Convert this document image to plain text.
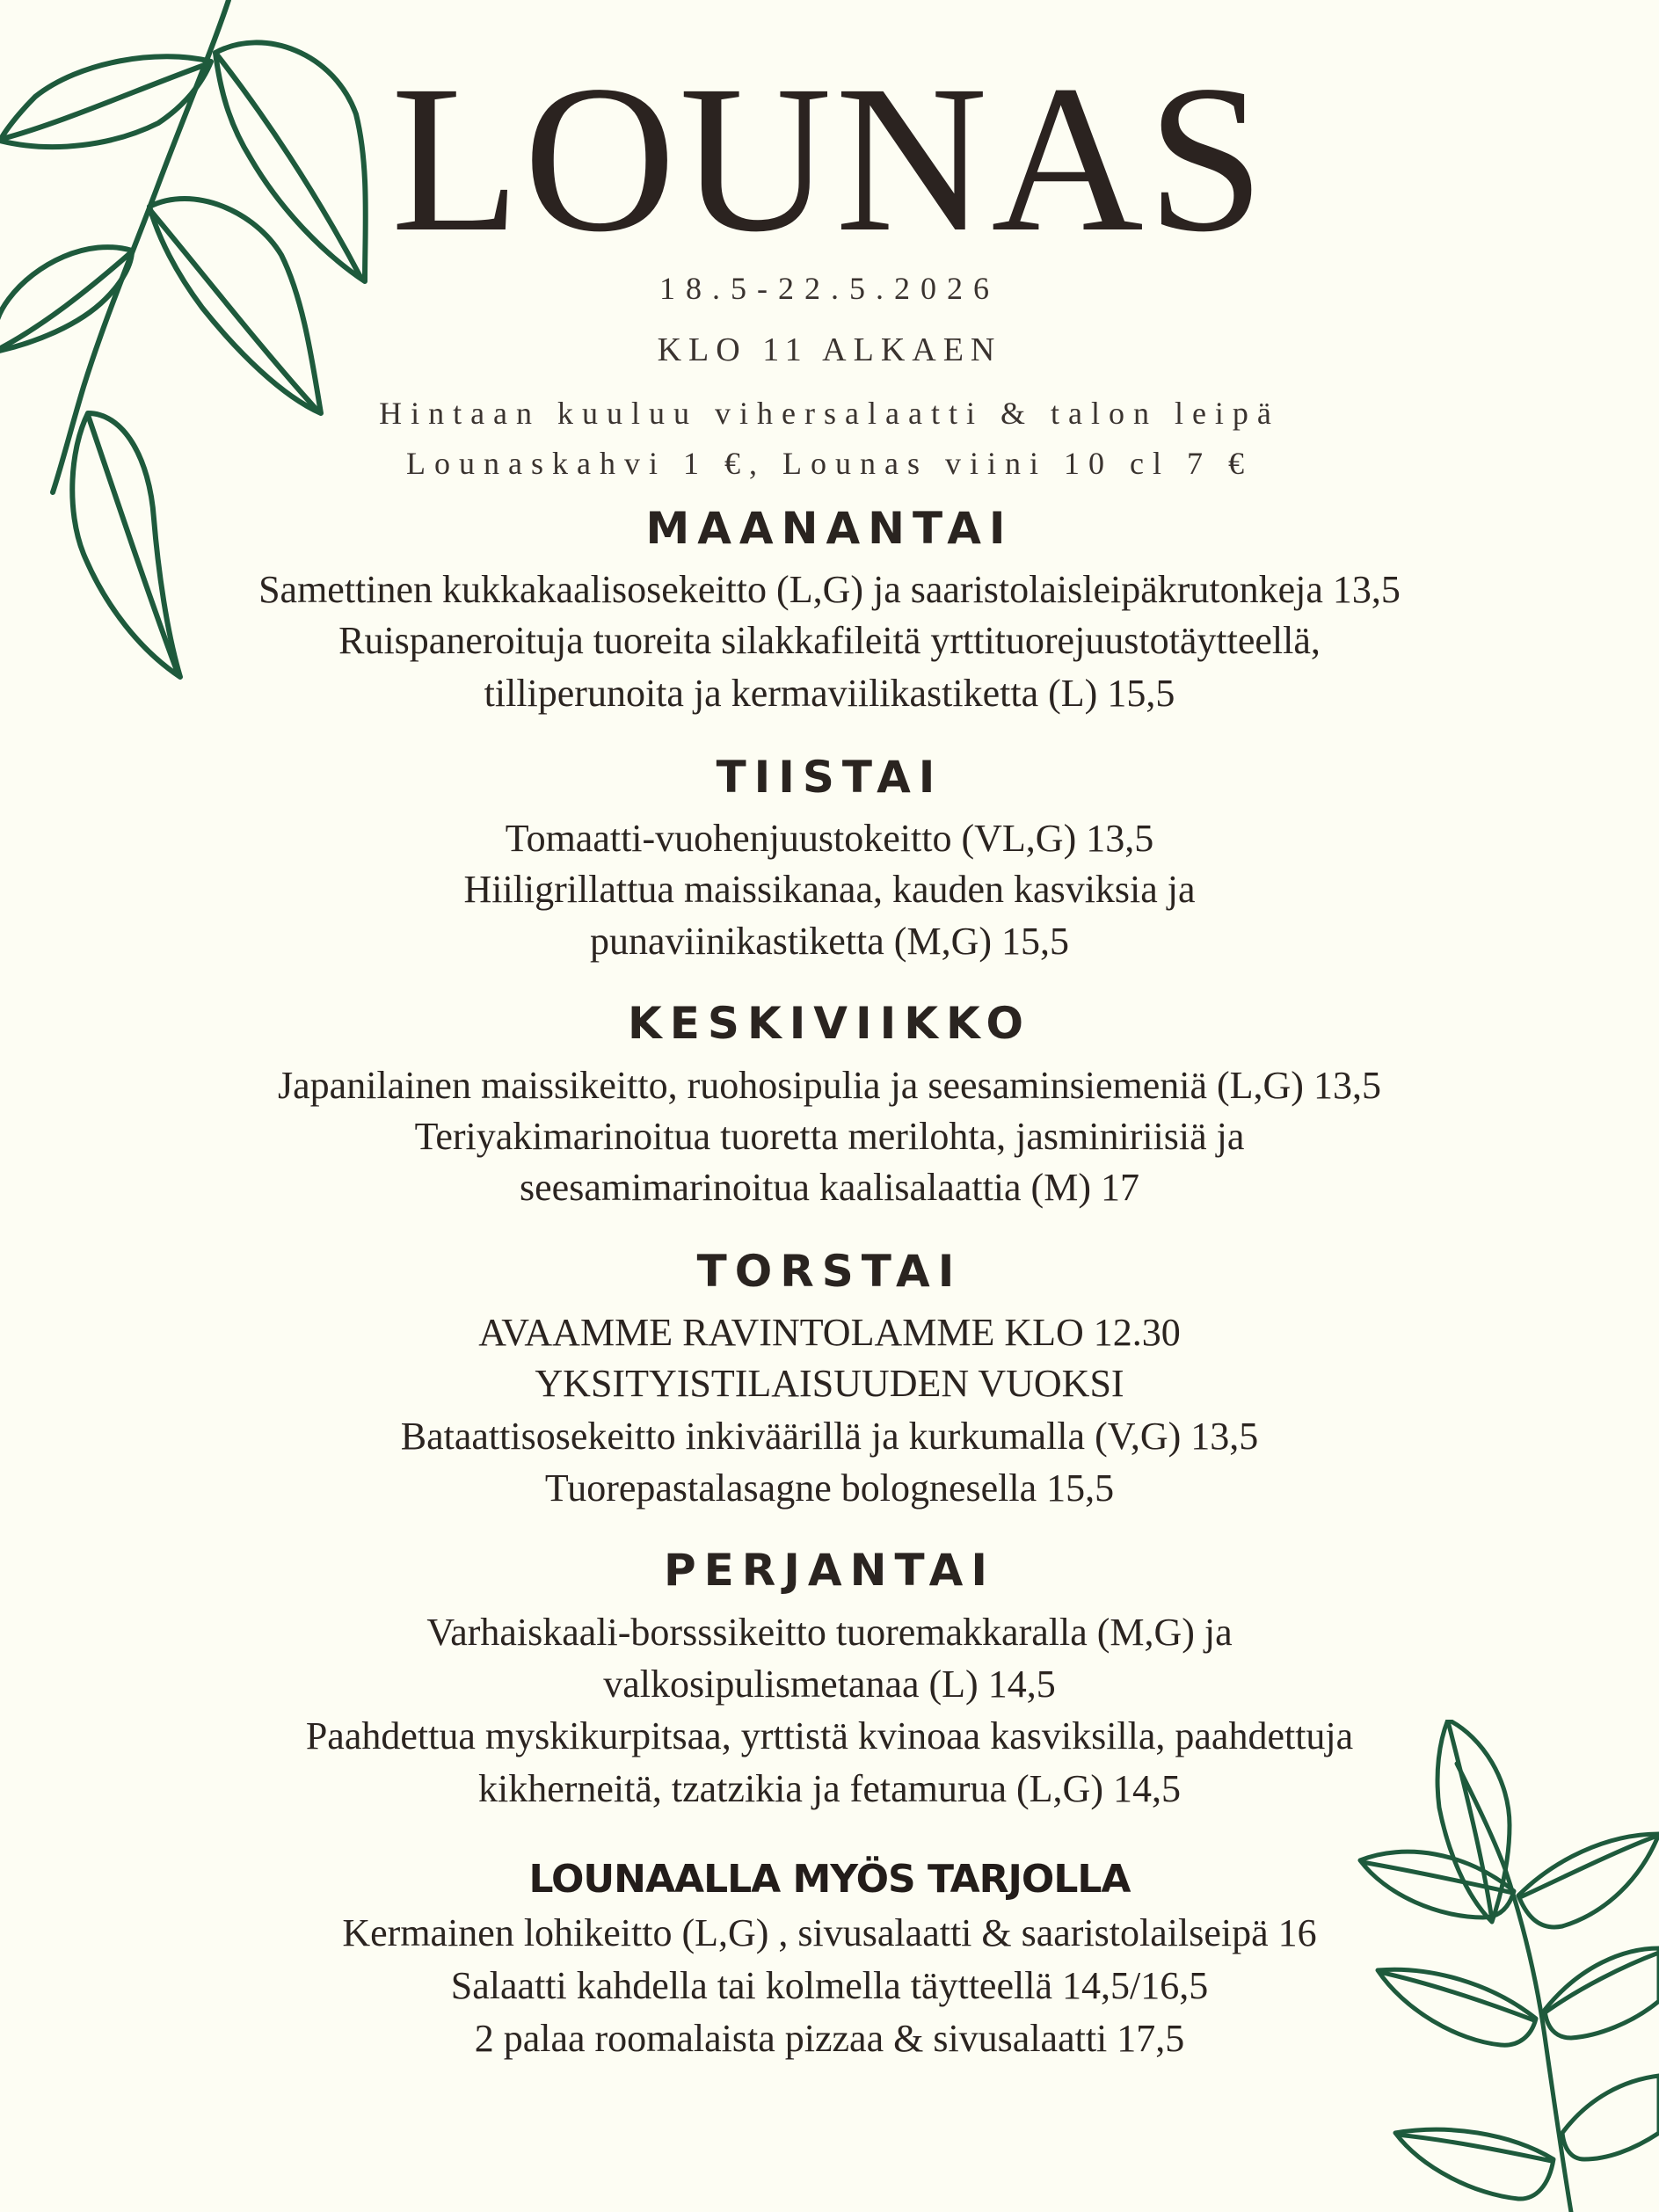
LOUNAS
18.5-22.5.2026
KLO 11 ALKAEN
Hintaan kuuluu vihersalaatti & talon leipä
Lounaskahvi 1 €, Lounas viini 10 cl 7 €
MAANANTAI
Samettinen kukkakaalisosekeitto (L,G) ja saaristolaisleipäkrutonkeja 13,5
Ruispaneroituja tuoreita silakkafileitä yrttituorejuustotäytteellä,
tilliperunoita ja kermaviilikastiketta (L) 15,5
TIISTAI
Tomaatti-vuohenjuustokeitto (VL,G) 13,5
Hiiligrillattua maissikanaa, kauden kasviksia ja
punaviinikastiketta (M,G) 15,5
KESKIVIIKKO
Japanilainen maissikeitto, ruohosipulia ja seesaminsiemeniä (L,G) 13,5
Teriyakimarinoitua tuoretta merilohta, jasminiriisiä ja
seesamimarinoitua kaalisalaattia (M) 17
TORSTAI
AVAAMME RAVINTOLAMME KLO 12.30
YKSITYISTILAISUUDEN VUOKSI
Bataattisosekeitto inkiväärillä ja kurkumalla (V,G) 13,5
Tuorepastalasagne bolognesella 15,5
PERJANTAI
Varhaiskaali-borsssikeitto tuoremakkaralla (M,G) ja
valkosipulismetanaa (L) 14,5
Paahdettua myskikurpitsaa, yrttistä kvinoaa kasviksilla, paahdettuja
kikherneitä, tzatzikia ja fetamurua (L,G) 14,5
LOUNAALLA MYÖS TARJOLLA
Kermainen lohikeitto (L,G) , sivusalaatti & saaristolailseipä 16
Salaatti kahdella tai kolmella täytteellä 14,5/16,5
2 palaa roomalaista pizzaa & sivusalaatti 17,5
